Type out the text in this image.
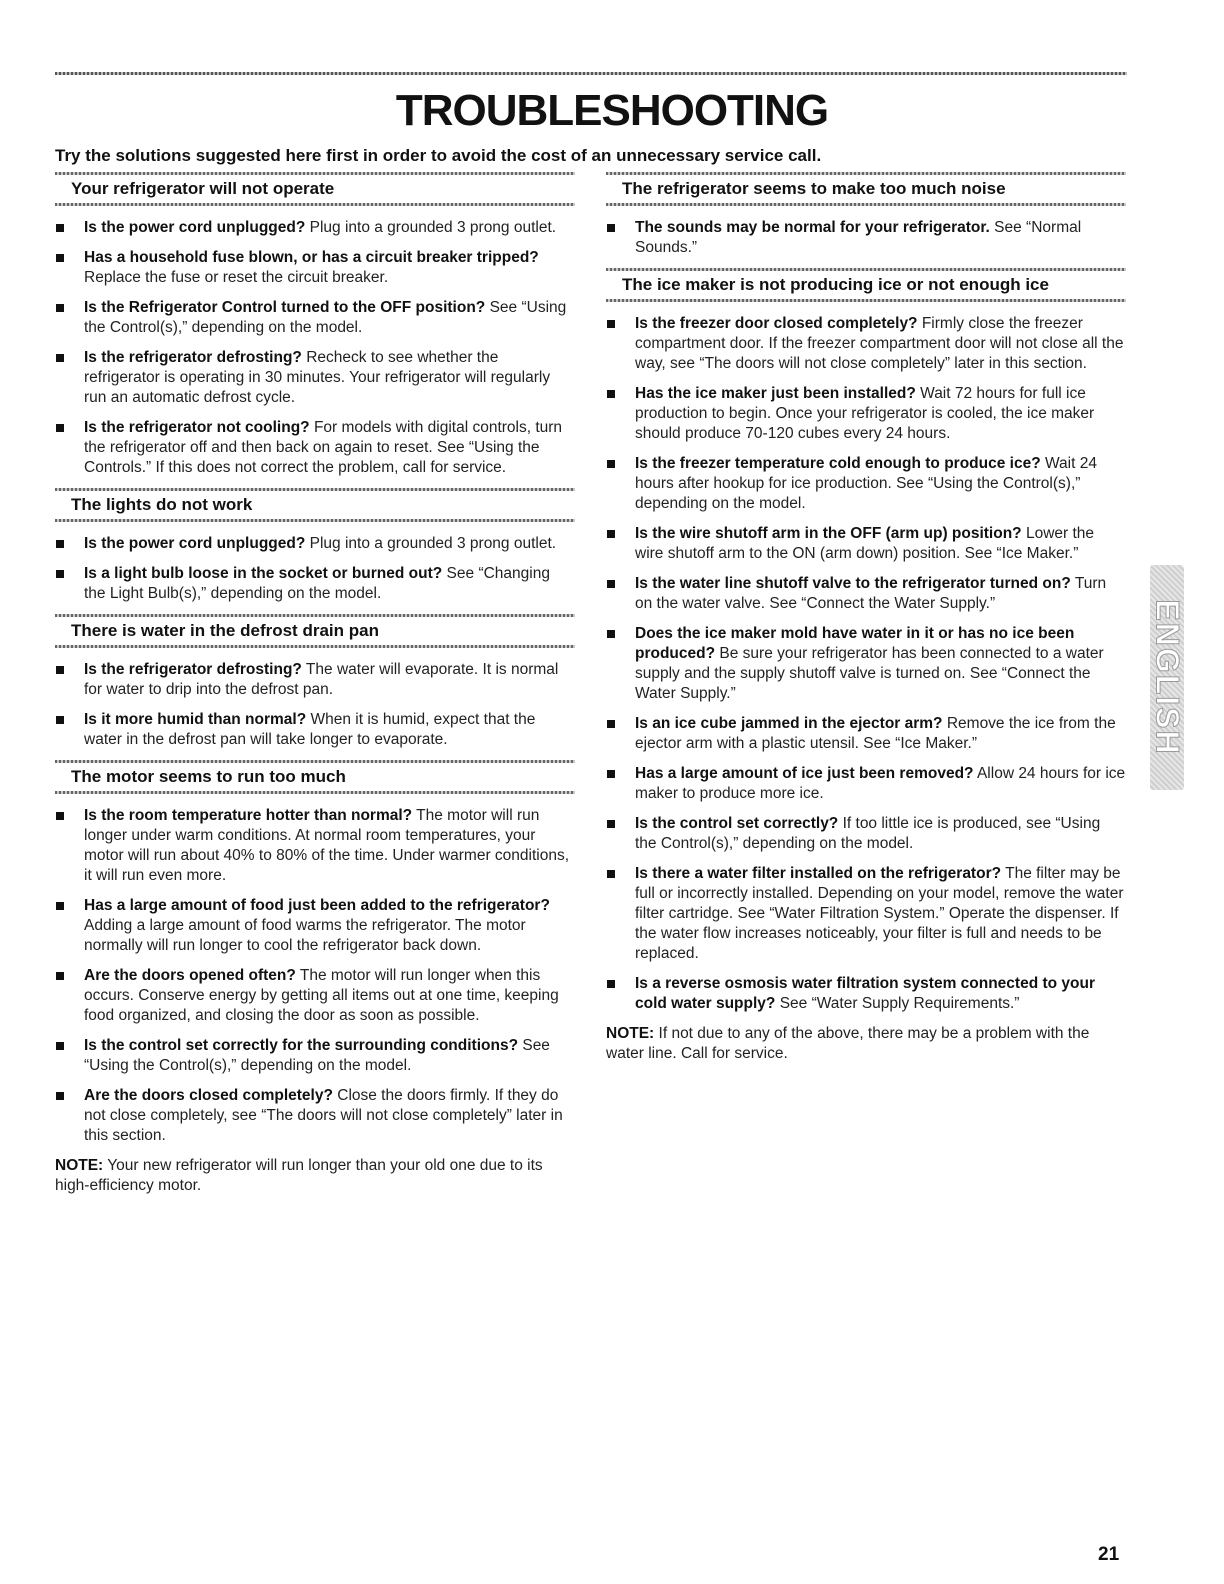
TROUBLESHOOTING
Try the solutions suggested here first in order to avoid the cost of an unnecessary service call.
Your refrigerator will not operate
Is the power cord unplugged? Plug into a grounded 3 prong outlet.
Has a household fuse blown, or has a circuit breaker tripped? Replace the fuse or reset the circuit breaker.
Is the Refrigerator Control turned to the OFF position? See “Using the Control(s),” depending on the model.
Is the refrigerator defrosting? Recheck to see whether the refrigerator is operating in 30 minutes. Your refrigerator will regularly run an automatic defrost cycle.
Is the refrigerator not cooling? For models with digital controls, turn the refrigerator off and then back on again to reset. See “Using the Controls.” If this does not correct the problem, call for service.
The lights do not work
Is the power cord unplugged? Plug into a grounded 3 prong outlet.
Is a light bulb loose in the socket or burned out? See “Changing the Light Bulb(s),” depending on the model.
There is water in the defrost drain pan
Is the refrigerator defrosting? The water will evaporate. It is normal for water to drip into the defrost pan.
Is it more humid than normal? When it is humid, expect that the water in the defrost pan will take longer to evaporate.
The motor seems to run too much
Is the room temperature hotter than normal? The motor will run longer under warm conditions. At normal room temperatures, your motor will run about 40% to 80% of the time. Under warmer conditions, it will run even more.
Has a large amount of food just been added to the refrigerator? Adding a large amount of food warms the refrigerator. The motor normally will run longer to cool the refrigerator back down.
Are the doors opened often? The motor will run longer when this occurs. Conserve energy by getting all items out at one time, keeping food organized, and closing the door as soon as possible.
Is the control set correctly for the surrounding conditions? See “Using the Control(s),” depending on the model.
Are the doors closed completely? Close the doors firmly. If they do not close completely, see “The doors will not close completely” later in this section.
NOTE: Your new refrigerator will run longer than your old one due to its high-efficiency motor.
The refrigerator seems to make too much noise
The sounds may be normal for your refrigerator. See “Normal Sounds.”
The ice maker is not producing ice or not enough ice
Is the freezer door closed completely? Firmly close the freezer compartment door. If the freezer compartment door will not close all the way, see “The doors will not close completely” later in this section.
Has the ice maker just been installed? Wait 72 hours for full ice production to begin. Once your refrigerator is cooled, the ice maker should produce 70-120 cubes every 24 hours.
Is the freezer temperature cold enough to produce ice? Wait 24 hours after hookup for ice production. See “Using the Control(s),” depending on the model.
Is the wire shutoff arm in the OFF (arm up) position? Lower the wire shutoff arm to the ON (arm down) position. See “Ice Maker.”
Is the water line shutoff valve to the refrigerator turned on? Turn on the water valve. See “Connect the Water Supply.”
Does the ice maker mold have water in it or has no ice been produced? Be sure your refrigerator has been connected to a water supply and the supply shutoff valve is turned on. See “Connect the Water Supply.”
Is an ice cube jammed in the ejector arm? Remove the ice from the ejector arm with a plastic utensil. See “Ice Maker.”
Has a large amount of ice just been removed? Allow 24 hours for ice maker to produce more ice.
Is the control set correctly? If too little ice is produced, see “Using the Control(s),” depending on the model.
Is there a water filter installed on the refrigerator? The filter may be full or incorrectly installed. Depending on your model, remove the water filter cartridge. See “Water Filtration System.” Operate the dispenser. If the water flow increases noticeably, your filter is full and needs to be replaced.
Is a reverse osmosis water filtration system connected to your cold water supply? See “Water Supply Requirements.”
NOTE: If not due to any of the above, there may be a problem with the water line. Call for service.
ENGLISH
21
